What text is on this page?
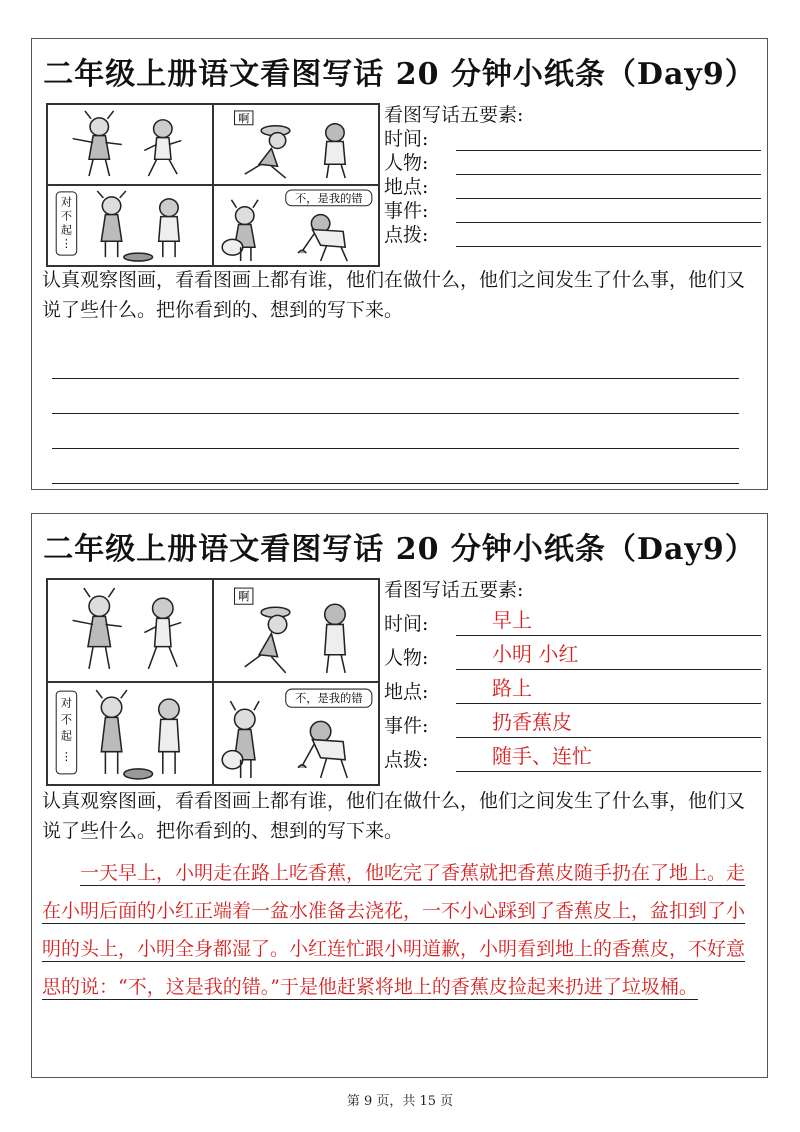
二年级上册语文看图写话 20 分钟小纸条（Day9）
啊
对
不
起
⋮
不，是我的错
看图写话五要素:
时间:
人物:
地点:
事件:
点拨:
认真观察图画，看看图画上都有谁，他们在做什么，他们之间发生了什么事，他们又说了些什么。把你看到的、想到的写下来。
二年级上册语文看图写话 20 分钟小纸条（Day9）
啊
对
不
起
⋮
不，是我的错
看图写话五要素:
时间:	早上
人物:	小明 小红
地点:	路上
事件:	扔香蕉皮
点拨:	随手、连忙
认真观察图画，看看图画上都有谁，他们在做什么，他们之间发生了什么事，他们又说了些什么。把你看到的、想到的写下来。
一天早上，小明走在路上吃香蕉，他吃完了香蕉就把香蕉皮随手扔在了地上。走在小明后面的小红正端着一盆水准备去浇花，一不小心踩到了香蕉皮上，盆扣到了小明的头上，小明全身都湿了。小红连忙跟小明道歉，小明看到地上的香蕉皮，不好意思的说：“不，这是我的错。”于是他赶紧将地上的香蕉皮捡起来扔进了垃圾桶。
第 9 页，共 15 页
